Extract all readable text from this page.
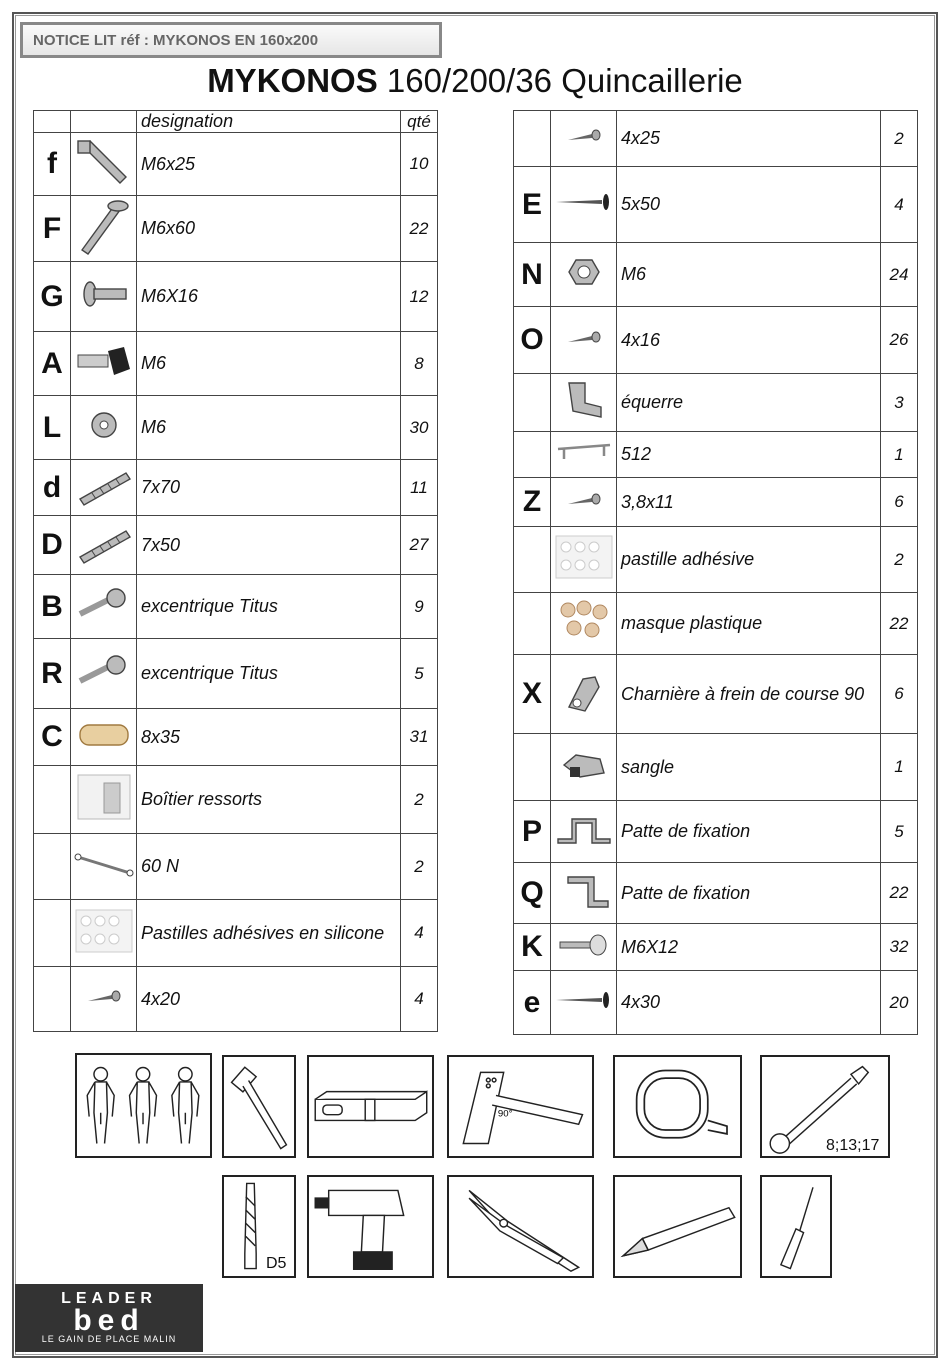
NOTICE LIT réf : MYKONOS EN 160x200
MYKONOS 160/200/36 Quincaillerie
		designation	qté
f		M6x25	10
F		M6x60	22
G		M6X16	12
A		M6	8
L		M6	30
d		7x70	11
D		7x50	27
B		excentrique Titus	9
R		excentrique Titus	5
C		8x35	31
		Boîtier ressorts	2
		60 N	2
		Pastilles adhésives en silicone	4
		4x20	4
		4x25	2
E		5x50	4
N		M6	24
O		4x16	26
		équerre	3
		512	1
Z		3,8x11	6
		pastille adhésive	2
		masque plastique	22
X		Charnière à frein de course 90	6
		sangle	1
P		Patte de fixation	5
Q		Patte de fixation	22
K		M6X12	32
e		4x30	20
90°
8;13;17
D5
LEADER
bed
LE GAIN DE PLACE MALIN
